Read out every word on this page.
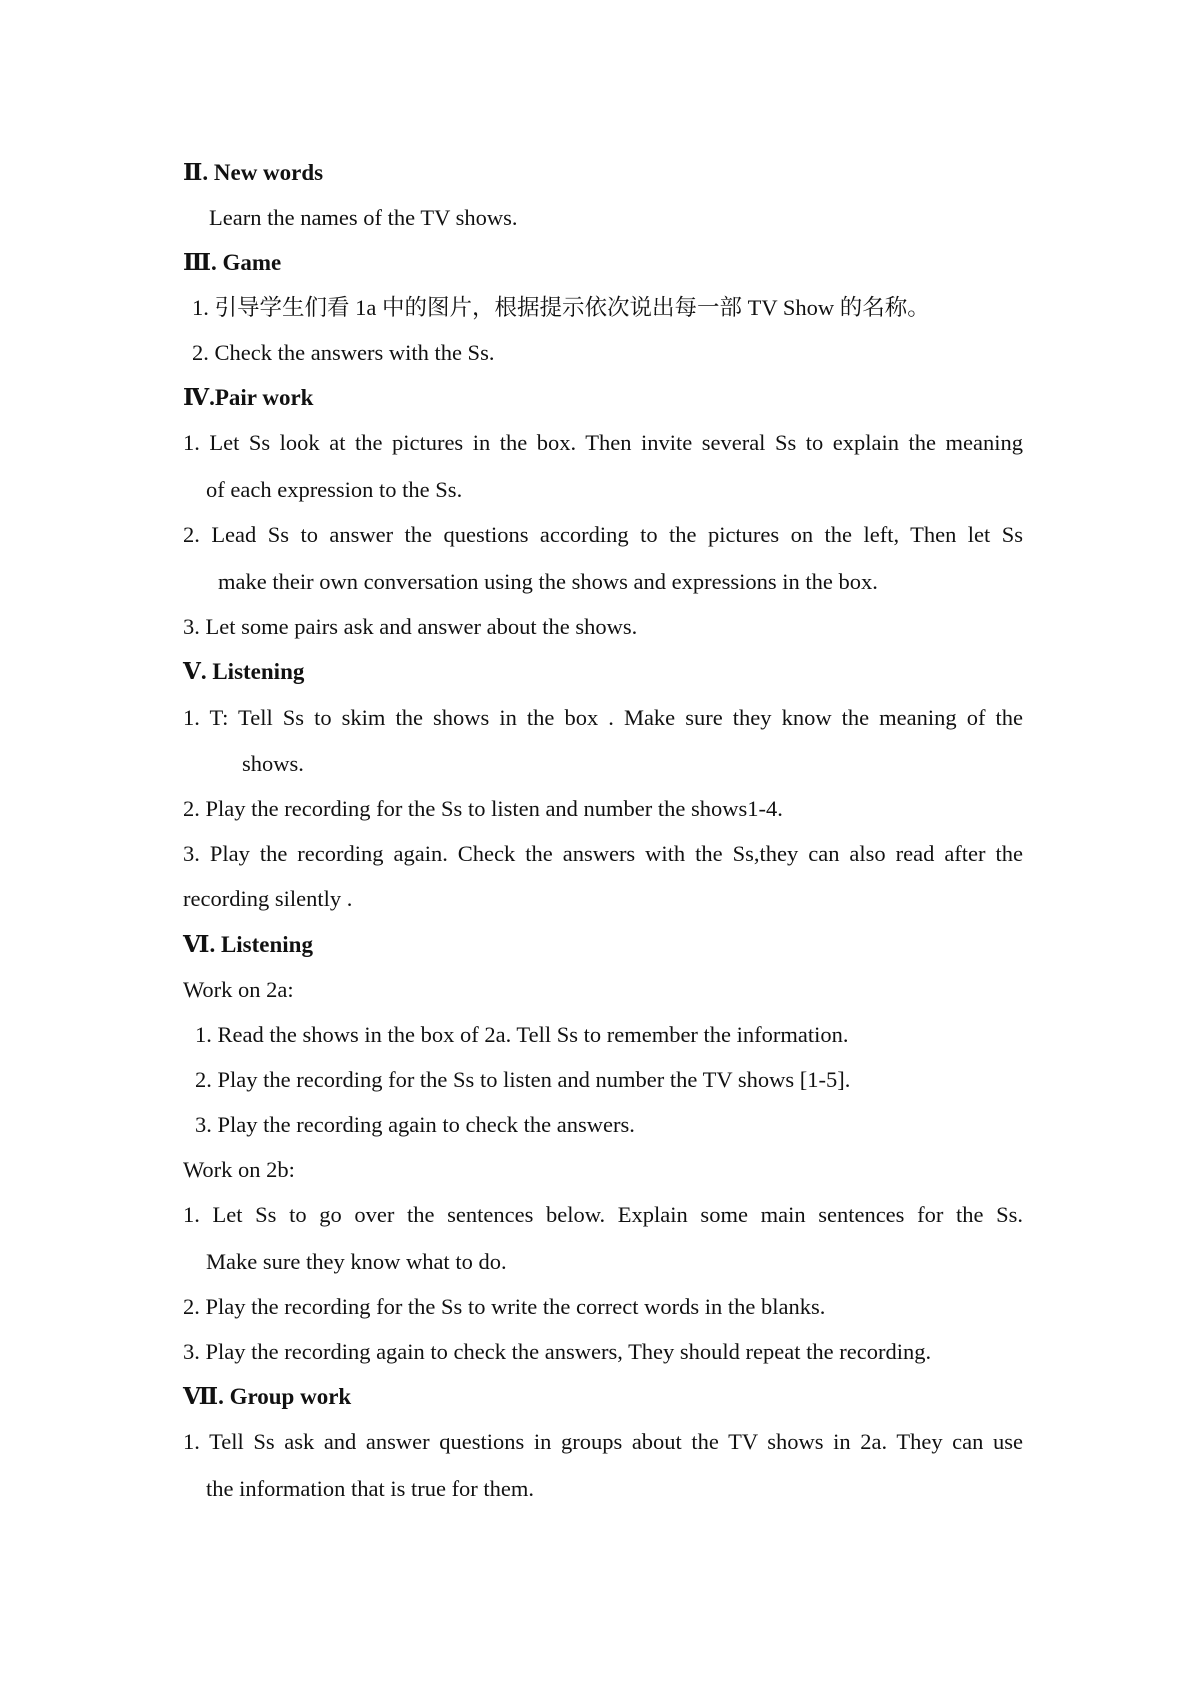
Ⅱ. New words
Learn the names of the TV shows.
Ⅲ. Game
1. 引导学生们看 1a 中的图片，根据提示依次说出每一部 TV Show 的名称。
2. Check the answers with the Ss.
Ⅳ.Pair work
1. Let Ss look at the pictures in the box. Then invite several Ss to explain the meaning
of each expression to the Ss.
2. Lead Ss to answer the questions according to the pictures on the left, Then let Ss
make their own conversation using the shows and expressions in the box.
3. Let some pairs ask and answer about the shows.
Ⅴ. Listening
1. T: Tell Ss to skim the shows in the box . Make sure they know the meaning of the
shows.
2. Play the recording for the Ss to listen and number the shows1-4.
3. Play the recording again. Check the answers with the Ss,they can also read after the
recording silently .
Ⅵ. Listening
Work on 2a:
1. Read the shows in the box of 2a. Tell Ss to remember the information.
2. Play the recording for the Ss to listen and number the TV shows [1-5].
3. Play the recording again to check the answers.
Work on 2b:
1. Let Ss to go over the sentences below. Explain some main sentences for the Ss.
Make sure they know what to do.
2. Play the recording for the Ss to write the correct words in the blanks.
3. Play the recording again to check the answers, They should repeat the recording.
Ⅶ. Group work
1. Tell Ss ask and answer questions in groups about the TV shows in 2a. They can use
the information that is true for them.
